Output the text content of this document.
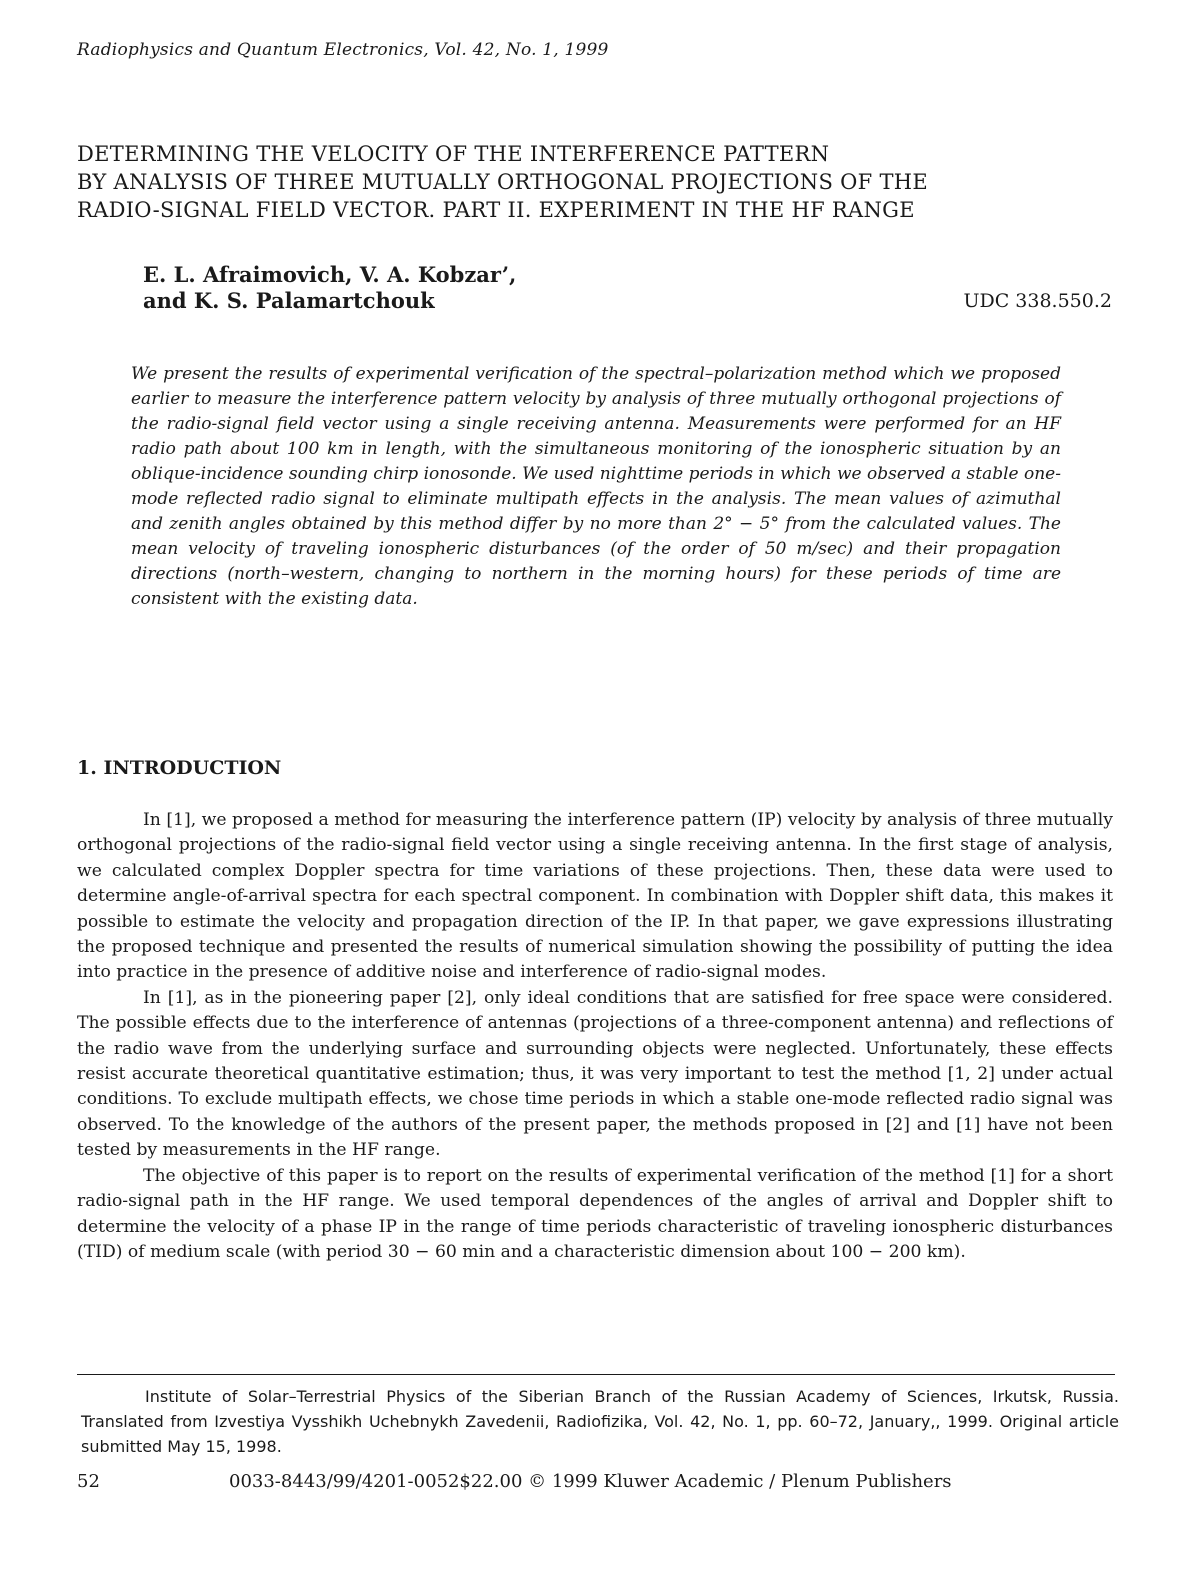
Radiophysics and Quantum Electronics, Vol. 42, No. 1, 1999
DETERMINING THE VELOCITY OF THE INTERFERENCE PATTERN
BY ANALYSIS OF THREE MUTUALLY ORTHOGONAL PROJECTIONS OF THE
RADIO-SIGNAL FIELD VECTOR. PART II. EXPERIMENT IN THE HF RANGE
E. L. Afraimovich, V. A. Kobzar’,
and K. S. Palamartchouk	UDC 338.550.2

We present the results of experimental verification of the spectral–polarization method which we proposed earlier to measure the interference pattern velocity by analysis of three mutually orthogonal projections of the radio-signal field vector using a single receiving antenna. Measurements were performed for an HF radio path about 100 km in length, with the simultaneous monitoring of the ionospheric situation by an oblique-incidence sounding chirp ionosonde. We used nighttime periods in which we observed a stable one-mode reflected radio signal to eliminate multipath effects in the analysis. The mean values of azimuthal and zenith angles obtained by this method differ by no more than 2° − 5° from the calculated values. The mean velocity of traveling ionospheric disturbances (of the order of 50 m/sec) and their propagation directions (north–western, changing to northern in the morning hours) for these periods of time are consistent with the existing data.

1. INTRODUCTION

In [1], we proposed a method for measuring the interference pattern (IP) velocity by analysis of three mutually orthogonal projections of the radio-signal field vector using a single receiving antenna. In the first stage of analysis, we calculated complex Doppler spectra for time variations of these projections. Then, these data were used to determine angle-of-arrival spectra for each spectral component. In combination with Doppler shift data, this makes it possible to estimate the velocity and propagation direction of the IP. In that paper, we gave expressions illustrating the proposed technique and presented the results of numerical simulation showing the possibility of putting the idea into practice in the presence of additive noise and interference of radio-signal modes.

In [1], as in the pioneering paper [2], only ideal conditions that are satisfied for free space were considered. The possible effects due to the interference of antennas (projections of a three-component antenna) and reflections of the radio wave from the underlying surface and surrounding objects were neglected. Unfortunately, these effects resist accurate theoretical quantitative estimation; thus, it was very important to test the method [1, 2] under actual conditions. To exclude multipath effects, we chose time periods in which a stable one-mode reflected radio signal was observed. To the knowledge of the authors of the present paper, the methods proposed in [2] and [1] have not been tested by measurements in the HF range.

The objective of this paper is to report on the results of experimental verification of the method [1] for a short radio-signal path in the HF range. We used temporal dependences of the angles of arrival and Doppler shift to determine the velocity of a phase IP in the range of time periods characteristic of traveling ionospheric disturbances (TID) of medium scale (with period 30 − 60 min and a characteristic dimension about 100 − 200 km).

Institute of Solar–Terrestrial Physics of the Siberian Branch of the Russian Academy of Sciences, Irkutsk, Russia. Translated from Izvestiya Vysshikh Uchebnykh Zavedenii, Radiofizika, Vol. 42, No. 1, pp. 60–72, January,, 1999. Original article submitted May 15, 1998.

52	0033-8443/99/4201-0052$22.00 © 1999 Kluwer Academic / Plenum Publishers
